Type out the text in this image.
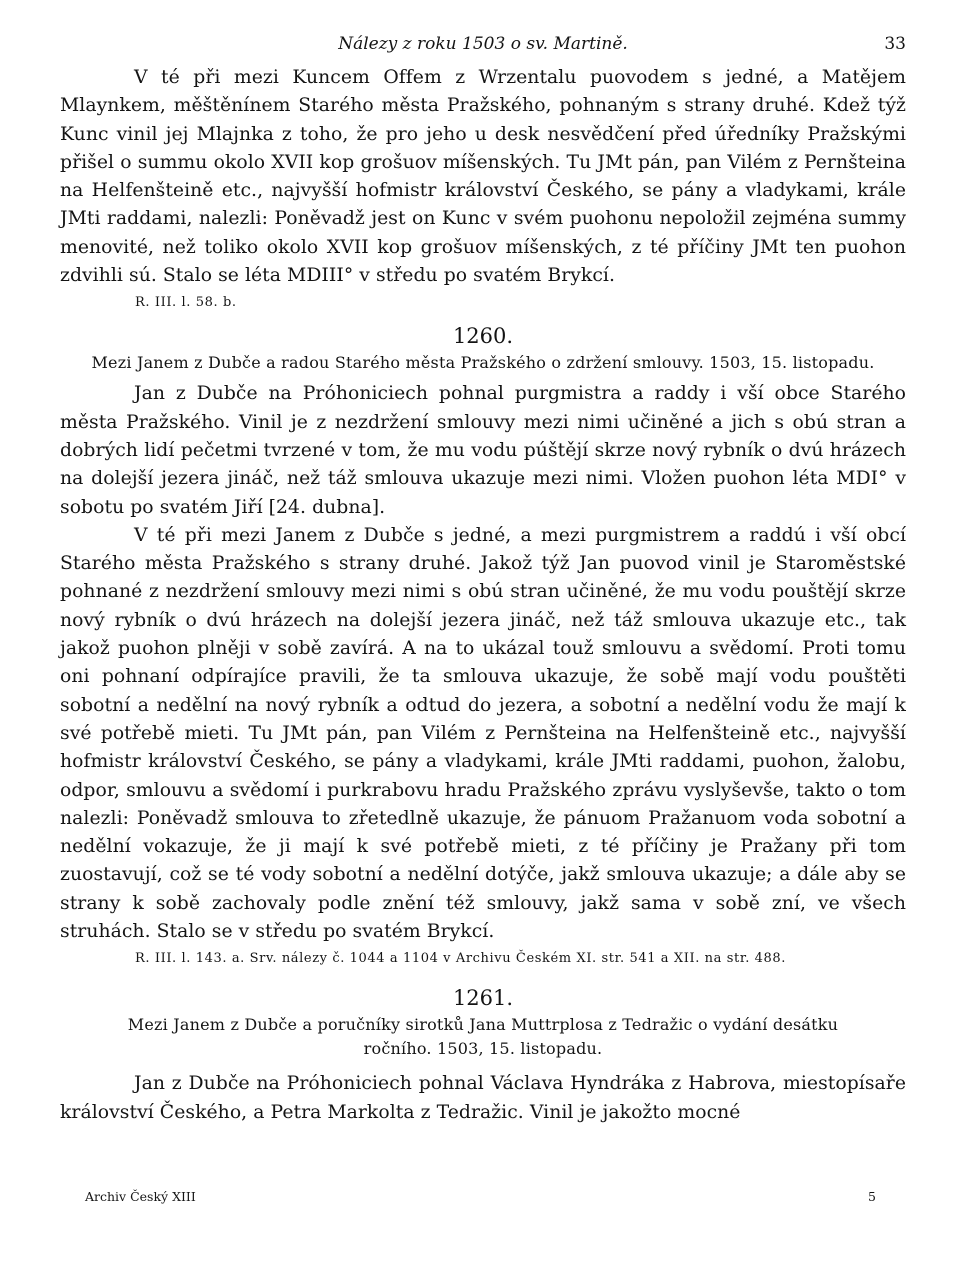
Nálezy z roku 1503 o sv. Martině.	33

V té při mezi Kuncem Offem z Wrzentalu puovodem s jedné, a Matějem Mlaynkem, měštěnínem Starého města Pražského, pohnaným s strany druhé. Kdež týž Kunc vinil jej Mlajnka z toho, že pro jeho u desk nesvědčení před úředníky Pražskými přišel o summu okolo XVII kop grošuov míšenských. Tu JMt pán, pan Vilém z Pernšteina na Helfenšteině etc., najvyšší hofmistr království Českého, se pány a vladykami, krále JMti raddami, nalezli: Poněvadž jest on Kunc v svém puohonu nepoložil zejména summy menovité, než toliko okolo XVII kop grošuov míšenských, z té příčiny JMt ten puohon zdvihli sú. Stalo se léta MDIII° v středu po svatém Brykcí.

R. III. l. 58. b.
1260.
Mezi Janem z Dubče a radou Starého města Pražského o zdržení smlouvy. 1503, 15. listopadu.

Jan z Dubče na Próhoniciech pohnal purgmistra a raddy i vší obce Starého města Pražského. Vinil je z nezdržení smlouvy mezi nimi učiněné a jich s obú stran a dobrých lidí pečetmi tvrzené v tom, že mu vodu púštějí skrze nový rybník o dvú hrázech na dolejší jezera jináč, než táž smlouva ukazuje mezi nimi. Vložen puohon léta MDI° v sobotu po svatém Jiří [24. dubna].

V té při mezi Janem z Dubče s jedné, a mezi purgmistrem a raddú i vší obcí Starého města Pražského s strany druhé. Jakož týž Jan puovod vinil je Staroměstské pohnané z nezdržení smlouvy mezi nimi s obú stran učiněné, že mu vodu pouštějí skrze nový rybník o dvú hrázech na dolejší jezera jináč, než táž smlouva ukazuje etc., tak jakož puohon plněji v sobě zavírá. A na to ukázal touž smlouvu a svědomí. Proti tomu oni pohnaní odpírajíce pravili, že ta smlouva ukazuje, že sobě mají vodu pouštěti sobotní a nedělní na nový rybník a odtud do jezera, a sobotní a nedělní vodu že mají k své potřebě mieti. Tu JMt pán, pan Vilém z Pernšteina na Helfenšteině etc., najvyšší hofmistr království Českého, se pány a vladykami, krále JMti raddami, puohon, žalobu, odpor, smlouvu a svědomí i purkrabovu hradu Pražského zprávu vyslyševše, takto o tom nalezli: Poněvadž smlouva to zřetedlně ukazuje, že pánuom Pražanuom voda sobotní a nedělní vokazuje, že ji mají k své potřebě mieti, z té příčiny je Pražany při tom zuostavují, což se té vody sobotní a nedělní dotýče, jakž smlouva ukazuje; a dále aby se strany k sobě zachovaly podle znění též smlouvy, jakž sama v sobě zní, ve všech struhách. Stalo se v středu po svatém Brykcí.

R. III. l. 143. a. Srv. nálezy č. 1044 a 1104 v Archivu Českém XI. str. 541 a XII. na str. 488.
1261.
Mezi Janem z Dubče a poručníky sirotků Jana Muttrplosa z Tedražic o vydání desátku
ročního. 1503, 15. listopadu.

Jan z Dubče na Próhoniciech pohnal Václava Hyndráka z Habrova, miestopísaře království Českého, a Petra Markolta z Tedražic. Vinil je jakožto mocné

Archiv Český XIII	5
